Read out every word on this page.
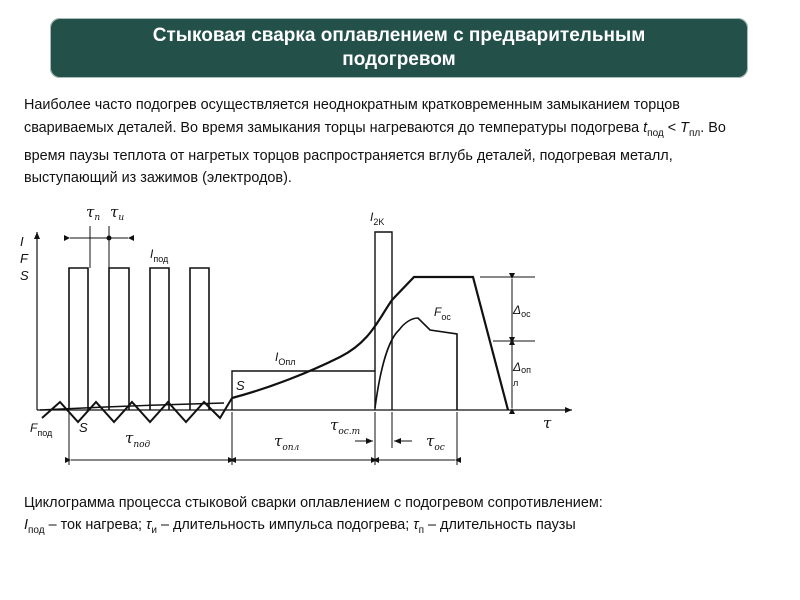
Стыковая сварка оплавлением с предварительным
подогревом
Наиболее часто подогрев осуществляется неоднократным кратковременным замыканием торцов свариваемых деталей. Во время замыкания торцы нагреваются до температуры подогрева $t_{под} < T_{пл}$. Во время паузы теплота от нагретых торцов распространяется вглубь деталей, подогревая металл, выступающий из зажимов (электродов).
I
F
S
τ
$\tau_п$ $\tau_и$
$I_{под}$
$I_{2K}$
$F_{ос}$	$\Delta_{ос}$
Δоп
л
$I_{Опл}$
S
S
$F_{под}$	$\tau_{под}$	$\tau_{опл}$
$\tau_{ос.т}$	$\tau_{ос}$
Циклограмма процесса стыковой сварки оплавлением с подогревом сопротивлением:
$I_{под}$ – ток нагрева; $\tau_и$ – длительность импульса подогрева; $\tau_п$ – длительность паузы
